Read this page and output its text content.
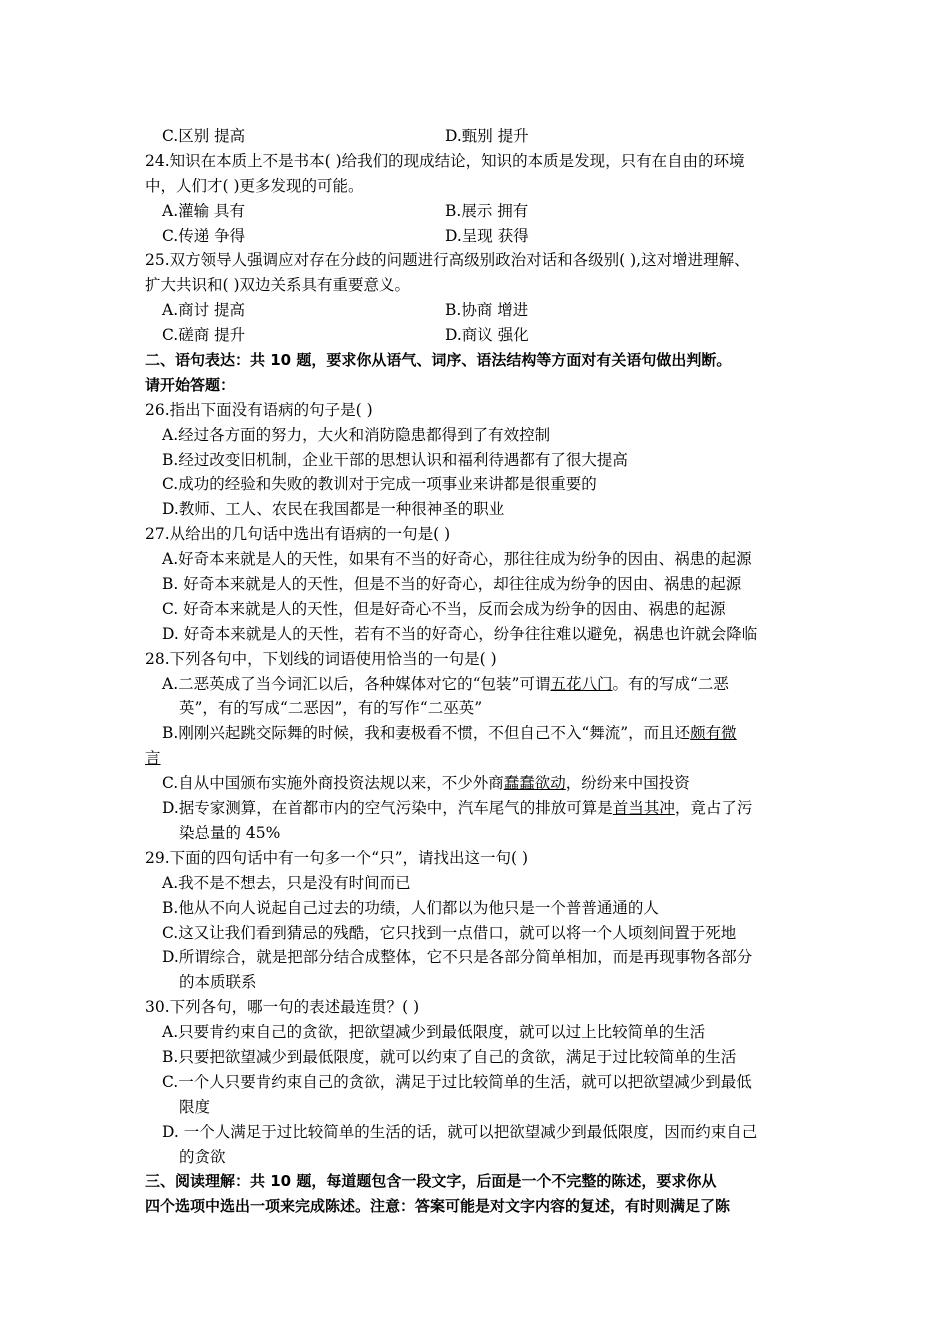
C.区别 提高	D.甄别 提升
24.知识在本质上不是书本( )给我们的现成结论，知识的本质是发现，只有在自由的环境
中，人们才( )更多发现的可能。
A.灌输 具有	B.展示 拥有
C.传递 争得	D.呈现 获得
25.双方领导人强调应对存在分歧的问题进行高级别政治对话和各级别( ),这对增进理解、
扩大共识和( )双边关系具有重要意义。
A.商讨 提高	B.协商 增进
C.磋商 提升	D.商议 强化
二、语句表达：共 10 题，要求你从语气、词序、语法结构等方面对有关语句做出判断。
请开始答题：
26.指出下面没有语病的句子是( )
A.经过各方面的努力，大火和消防隐患都得到了有效控制
B.经过改变旧机制，企业干部的思想认识和福利待遇都有了很大提高
C.成功的经验和失败的教训对于完成一项事业来讲都是很重要的
D.教师、工人、农民在我国都是一种很神圣的职业
27.从给出的几句话中选出有语病的一句是( )
A.好奇本来就是人的天性，如果有不当的好奇心，那往往成为纷争的因由、祸患的起源
B. 好奇本来就是人的天性，但是不当的好奇心，却往往成为纷争的因由、祸患的起源
C. 好奇本来就是人的天性，但是好奇心不当，反而会成为纷争的因由、祸患的起源
D. 好奇本来就是人的天性，若有不当的好奇心，纷争往往难以避免，祸患也许就会降临
28.下列各句中，下划线的词语使用恰当的一句是( )
A.二恶英成了当今词汇以后，各种媒体对它的“包装”可谓五花八门。有的写成“二恶
英”，有的写成“二恶因”，有的写作“二巫英”
B.刚刚兴起跳交际舞的时候，我和妻极看不惯，不但自己不入“舞流”，而且还颇有微
言
C.自从中国颁布实施外商投资法规以来，不少外商蠢蠢欲动，纷纷来中国投资
D.据专家测算，在首都市内的空气污染中，汽车尾气的排放可算是首当其冲，竟占了污
染总量的 45%
29.下面的四句话中有一句多一个“只”，请找出这一句( )
A.我不是不想去，只是没有时间而已
B.他从不向人说起自己过去的功绩，人们都以为他只是一个普普通通的人
C.这又让我们看到猜忌的残酷，它只找到一点借口，就可以将一个人顷刻间置于死地
D.所谓综合，就是把部分结合成整体，它不只是各部分简单相加，而是再现事物各部分
的本质联系
30.下列各句，哪一句的表述最连贯？( )
A.只要肯约束自己的贪欲，把欲望减少到最低限度，就可以过上比较简单的生活
B.只要把欲望减少到最低限度，就可以约束了自己的贪欲，满足于过比较简单的生活
C.一个人只要肯约束自己的贪欲，满足于过比较简单的生活，就可以把欲望减少到最低
限度
D. 一个人满足于过比较简单的生活的话，就可以把欲望减少到最低限度，因而约束自己
的贪欲
三、阅读理解：共 10 题，每道题包含一段文字，后面是一个不完整的陈述，要求你从
四个选项中选出一项来完成陈述。注意：答案可能是对文字内容的复述，有时则满足了陈
